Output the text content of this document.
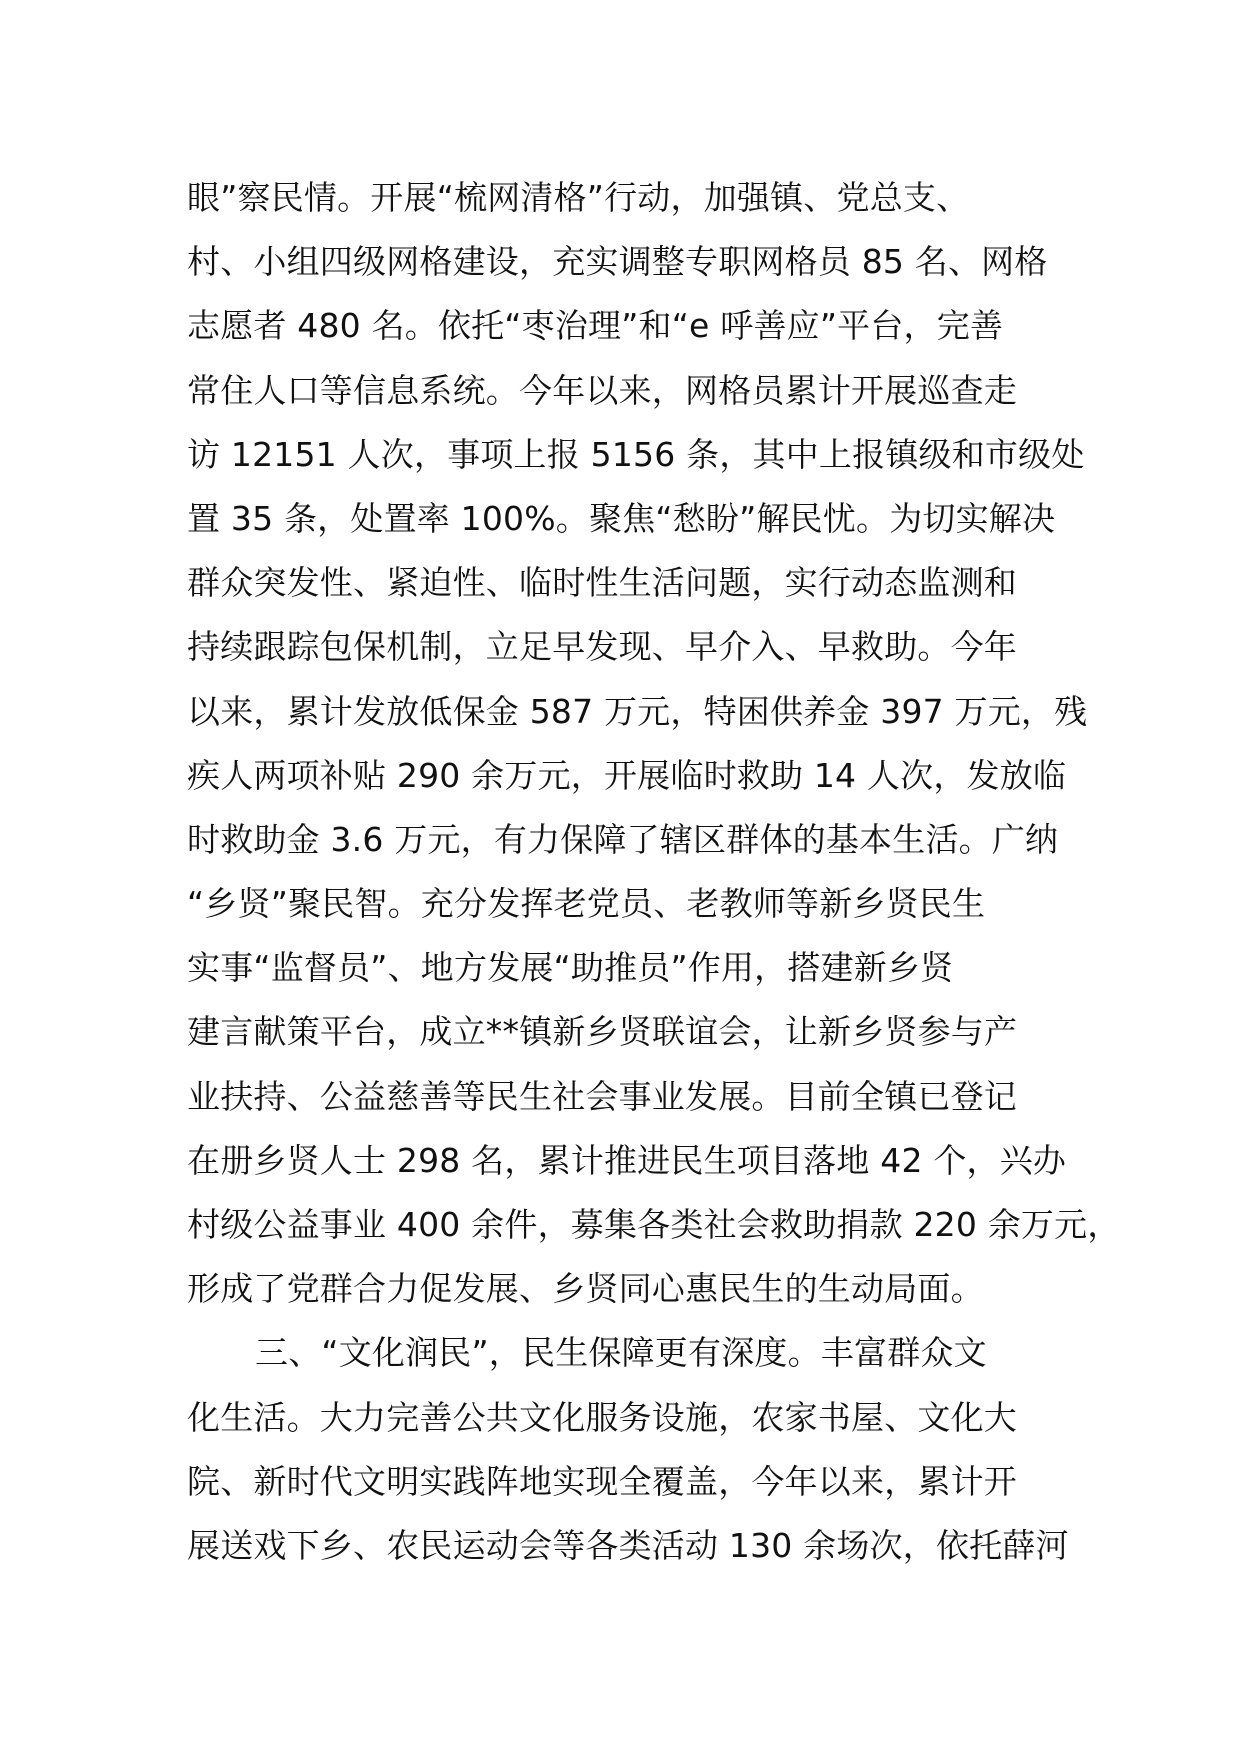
眼”察民情。开展“梳网清格”行动，加强镇、党总支、
村、小组四级网格建设，充实调整专职网格员 85 名、网格
志愿者 480 名。依托“枣治理”和“e 呼善应”平台，完善
常住人口等信息系统。今年以来，网格员累计开展巡查走
访 12151 人次，事项上报 5156 条，其中上报镇级和市级处
置 35 条，处置率 100%。聚焦“愁盼”解民忧。为切实解决
群众突发性、紧迫性、临时性生活问题，实行动态监测和
持续跟踪包保机制，立足早发现、早介入、早救助。今年
以来，累计发放低保金 587 万元，特困供养金 397 万元，残
疾人两项补贴 290 余万元，开展临时救助 14 人次，发放临
时救助金 3.6 万元，有力保障了辖区群体的基本生活。广纳
“乡贤”聚民智。充分发挥老党员、老教师等新乡贤民生
实事“监督员”、地方发展“助推员”作用，搭建新乡贤
建言献策平台，成立**镇新乡贤联谊会，让新乡贤参与产
业扶持、公益慈善等民生社会事业发展。目前全镇已登记
在册乡贤人士 298 名，累计推进民生项目落地 42 个，兴办
村级公益事业 400 余件，募集各类社会救助捐款 220 余万元，
形成了党群合力促发展、乡贤同心惠民生的生动局面。
三、“文化润民”，民生保障更有深度。丰富群众文
化生活。大力完善公共文化服务设施，农家书屋、文化大
院、新时代文明实践阵地实现全覆盖，今年以来，累计开
展送戏下乡、农民运动会等各类活动 130 余场次，依托薛河
